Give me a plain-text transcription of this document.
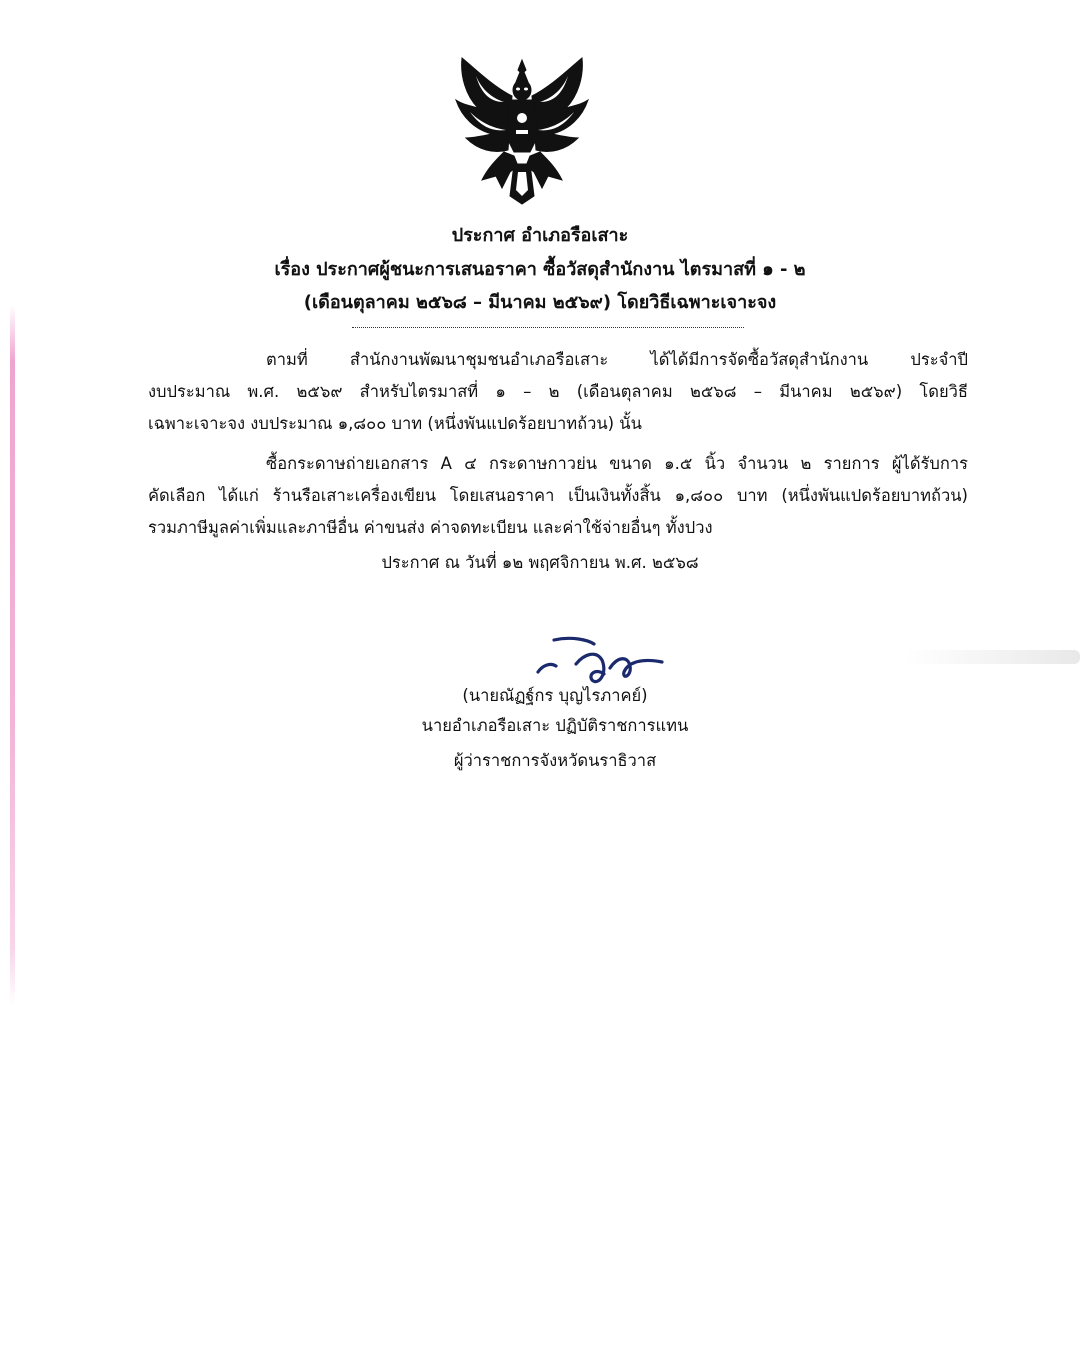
ประกาศ อำเภอรือเสาะ
เรื่อง ประกาศผู้ชนะการเสนอราคา ซื้อวัสดุสำนักงาน ไตรมาสที่ ๑ - ๒
(เดือนตุลาคม ๒๕๖๘ – มีนาคม ๒๕๖๙) โดยวิธีเฉพาะเจาะจง
ตามที่ สำนักงานพัฒนาชุมชนอำเภอรือเสาะ ได้ได้มีการจัดซื้อวัสดุสำนักงาน ประจำปี
งบประมาณ พ.ศ. ๒๕๖๙ สำหรับไตรมาสที่ ๑ – ๒ (เดือนตุลาคม ๒๕๖๘ – มีนาคม ๒๕๖๙) โดยวิธี
เฉพาะเจาะจง งบประมาณ ๑,๘๐๐ บาท (หนึ่งพันแปดร้อยบาทถ้วน) นั้น
ซื้อกระดาษถ่ายเอกสาร A ๔ กระดาษกาวย่น ขนาด ๑.๕ นิ้ว จำนวน ๒ รายการ ผู้ได้รับการ
คัดเลือก ได้แก่ ร้านรือเสาะเครื่องเขียน โดยเสนอราคา เป็นเงินทั้งสิ้น ๑,๘๐๐ บาท (หนึ่งพันแปดร้อยบาทถ้วน)
รวมภาษีมูลค่าเพิ่มและภาษีอื่น ค่าขนส่ง ค่าจดทะเบียน และค่าใช้จ่ายอื่นๆ ทั้งปวง
ประกาศ ณ วันที่ ๑๒ พฤศจิกายน พ.ศ. ๒๕๖๘
(นายณัฏฐ์กร บุญไรภาคย์)
นายอำเภอรือเสาะ ปฏิบัติราชการแทน
ผู้ว่าราชการจังหวัดนราธิวาส
